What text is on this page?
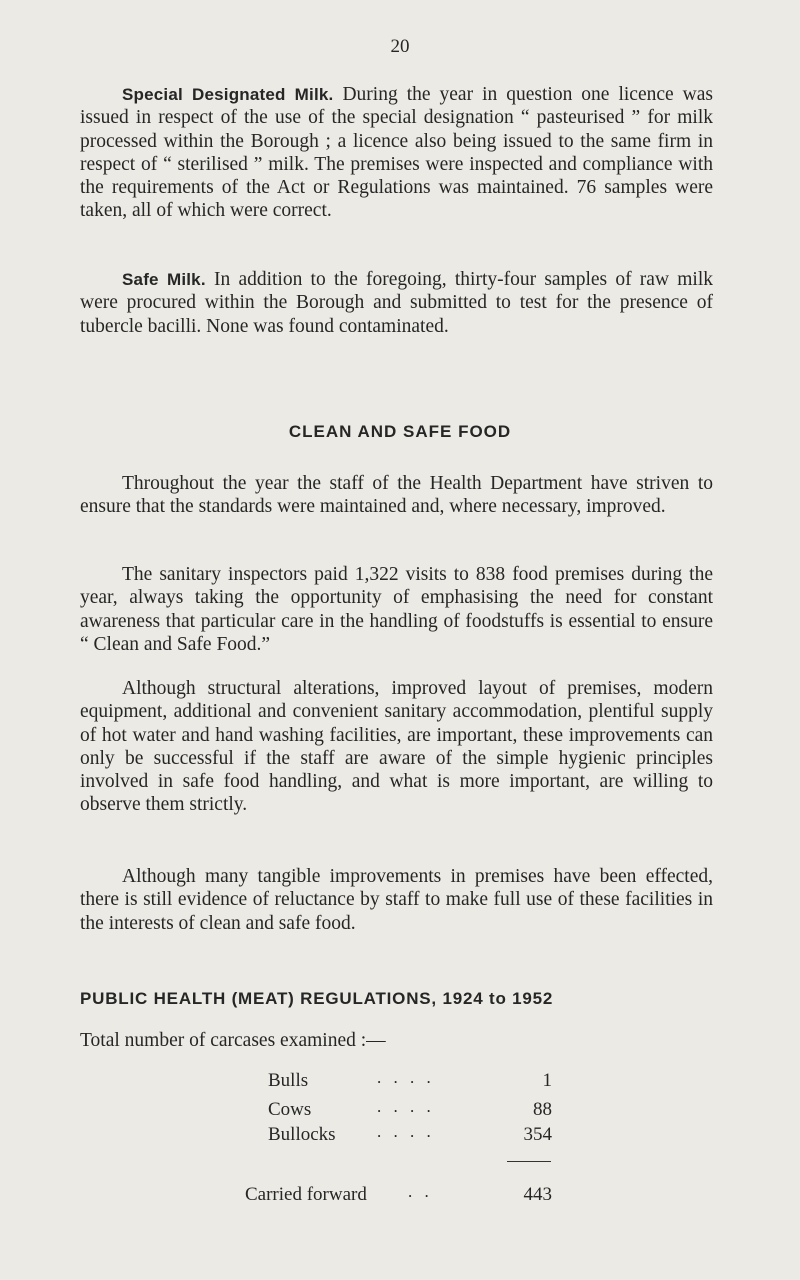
20

Special Designated Milk. During the year in question one licence was issued in respect of the use of the special designation “ pasteurised ” for milk processed within the Borough ; a licence also being issued to the same firm in respect of “ sterilised ” milk. The premises were inspected and compliance with the requirements of the Act or Regulations was maintained. 76 samples were taken, all of which were correct.

Safe Milk. In addition to the foregoing, thirty-four samples of raw milk were procured within the Borough and submitted to test for the presence of tubercle bacilli. None was found contaminated.

CLEAN AND SAFE FOOD

Throughout the year the staff of the Health Department have striven to ensure that the standards were maintained and, where necessary, improved.

The sanitary inspectors paid 1,322 visits to 838 food premises during the year, always taking the opportunity of emphasising the need for constant awareness that particular care in the handling of foodstuffs is essential to ensure “ Clean and Safe Food.”

Although structural alterations, improved layout of premises, modern equipment, additional and convenient sanitary accommodation, plentiful supply of hot water and hand washing facilities, are important, these improvements can only be successful if the staff are aware of the simple hygienic principles involved in safe food handling, and what is more important, are willing to observe them strictly.

Although many tangible improvements in premises have been effected, there is still evidence of reluctance by staff to make full use of these facilities in the interests of clean and safe food.

PUBLIC HEALTH (MEAT) REGULATIONS, 1924 to 1952

Total number of carcases examined :—

Bulls	. . . .	1
Cows	. . . .	88
Bullocks . . . .	354
Carried forward . .	443
